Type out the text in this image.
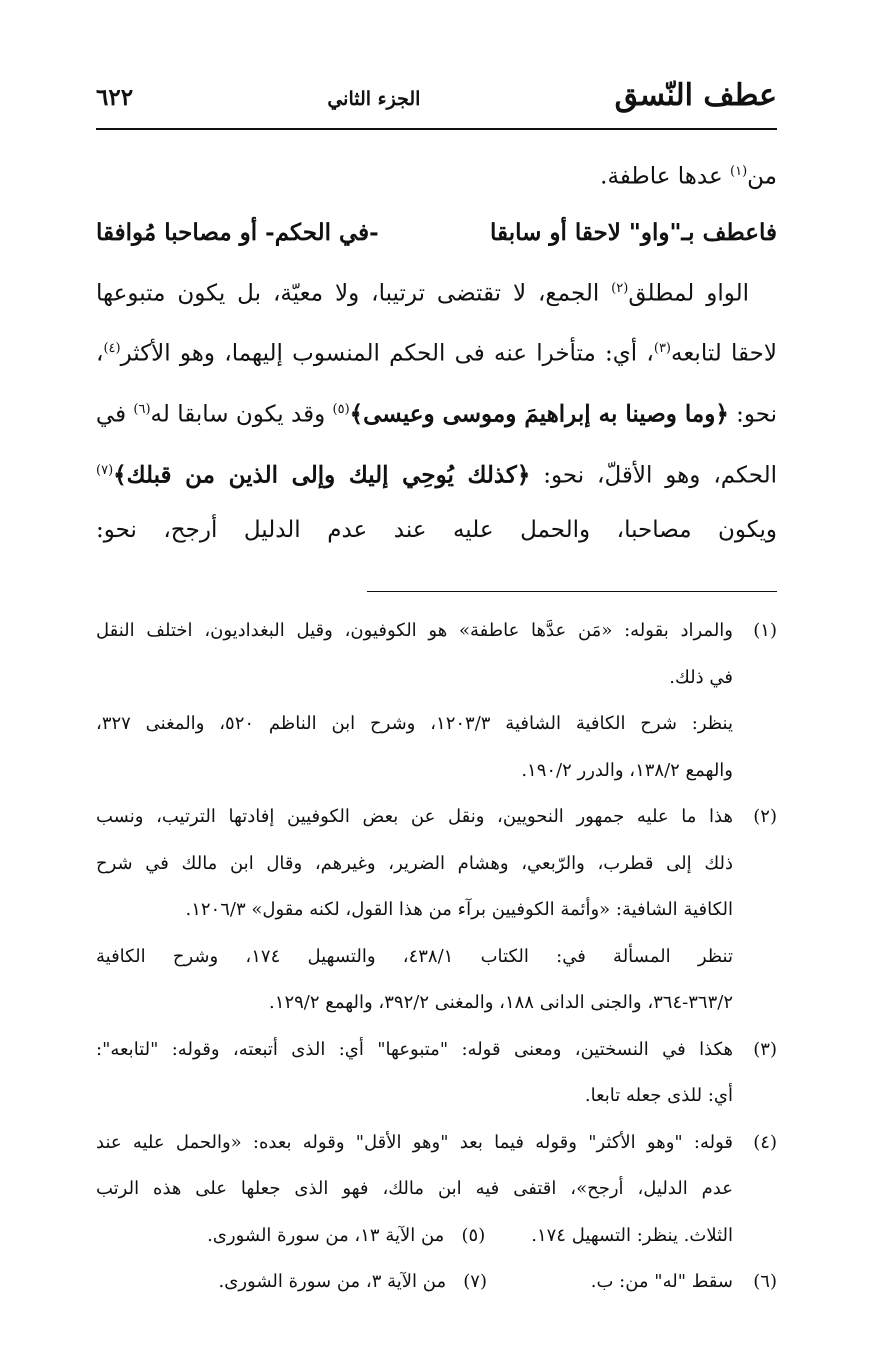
عطف النّسق
الجزء الثاني
٦٢٢
من$^{(١)}$ عدها عاطفة.
فاعطف بـ"واو" لاحقا أو سابقا
-في الحكم- أو مصاحبا مُوافقا
الواو لمطلق$^{(٢)}$ الجمع، لا تقتضى ترتيبا، ولا معيّة، بل يكون متبوعها
لاحقا لتابعه$^{(٣)}$، أي: متأخرا عنه فى الحكم المنسوب إليهما، وهو الأكثر$^{(٤)}$،
نحو: ﴿وما وصينا به إبراهيمَ وموسى وعيسى﴾$^{(٥)}$ وقد يكون سابقا له$^{(٦)}$ في
الحكم، وهو الأقلّ، نحو: ﴿كذلك يُوحِي إليك وإلى الذين من قبلك﴾$^{(٧)}$
ويكون مصاحبا، والحمل عليه عند عدم الدليل أرجح، نحو:
(١)
والمراد بقوله: «مَن عدَّها عاطفة» هو الكوفيون، وقيل البغداديون، اختلف النقل
في ذلك.
ينظر: شرح الكافية الشافية ١٢٠٣/٣، وشرح ابن الناظم ٥٢٠، والمغنى ٣٢٧،
والهمع ١٣٨/٢، والدرر ١٩٠/٢.
(٢)
هذا ما عليه جمهور النحويين، ونقل عن بعض الكوفيين إفادتها الترتيب، ونسب
ذلك إلى قطرب، والرّبعي، وهشام الضرير، وغيرهم، وقال ابن مالك في شرح
الكافية الشافية: «وأئمة الكوفيين برآء من هذا القول، لكنه مقول» ١٢٠٦/٣.
تنظر المسألة في: الكتاب ٤٣٨/١، والتسهيل ١٧٤، وشرح الكافية
٣٦٣/٢-٣٦٤، والجنى الدانى ١٨٨، والمغنى ٣٩٢/٢، والهمع ١٢٩/٢.
(٣)
هكذا في النسختين، ومعنى قوله: "متبوعها" أي: الذى أتبعته، وقوله: "لتابعه":
أي: للذى جعله تابعا.
(٤)
قوله: "وهو الأكثر" وقوله فيما بعد "وهو الأقل" وقوله بعده: «والحمل عليه عند
عدم الدليل، أرجح»، اقتفى فيه ابن مالك، فهو الذى جعلها على هذه الرتب
الثلاث. ينظر: التسهيل ١٧٤.
(٥)   من الآية ١٣، من سورة الشورى.
(٦)
سقط "له" من: ب.
(٧)   من الآية ٣، من سورة الشورى.
